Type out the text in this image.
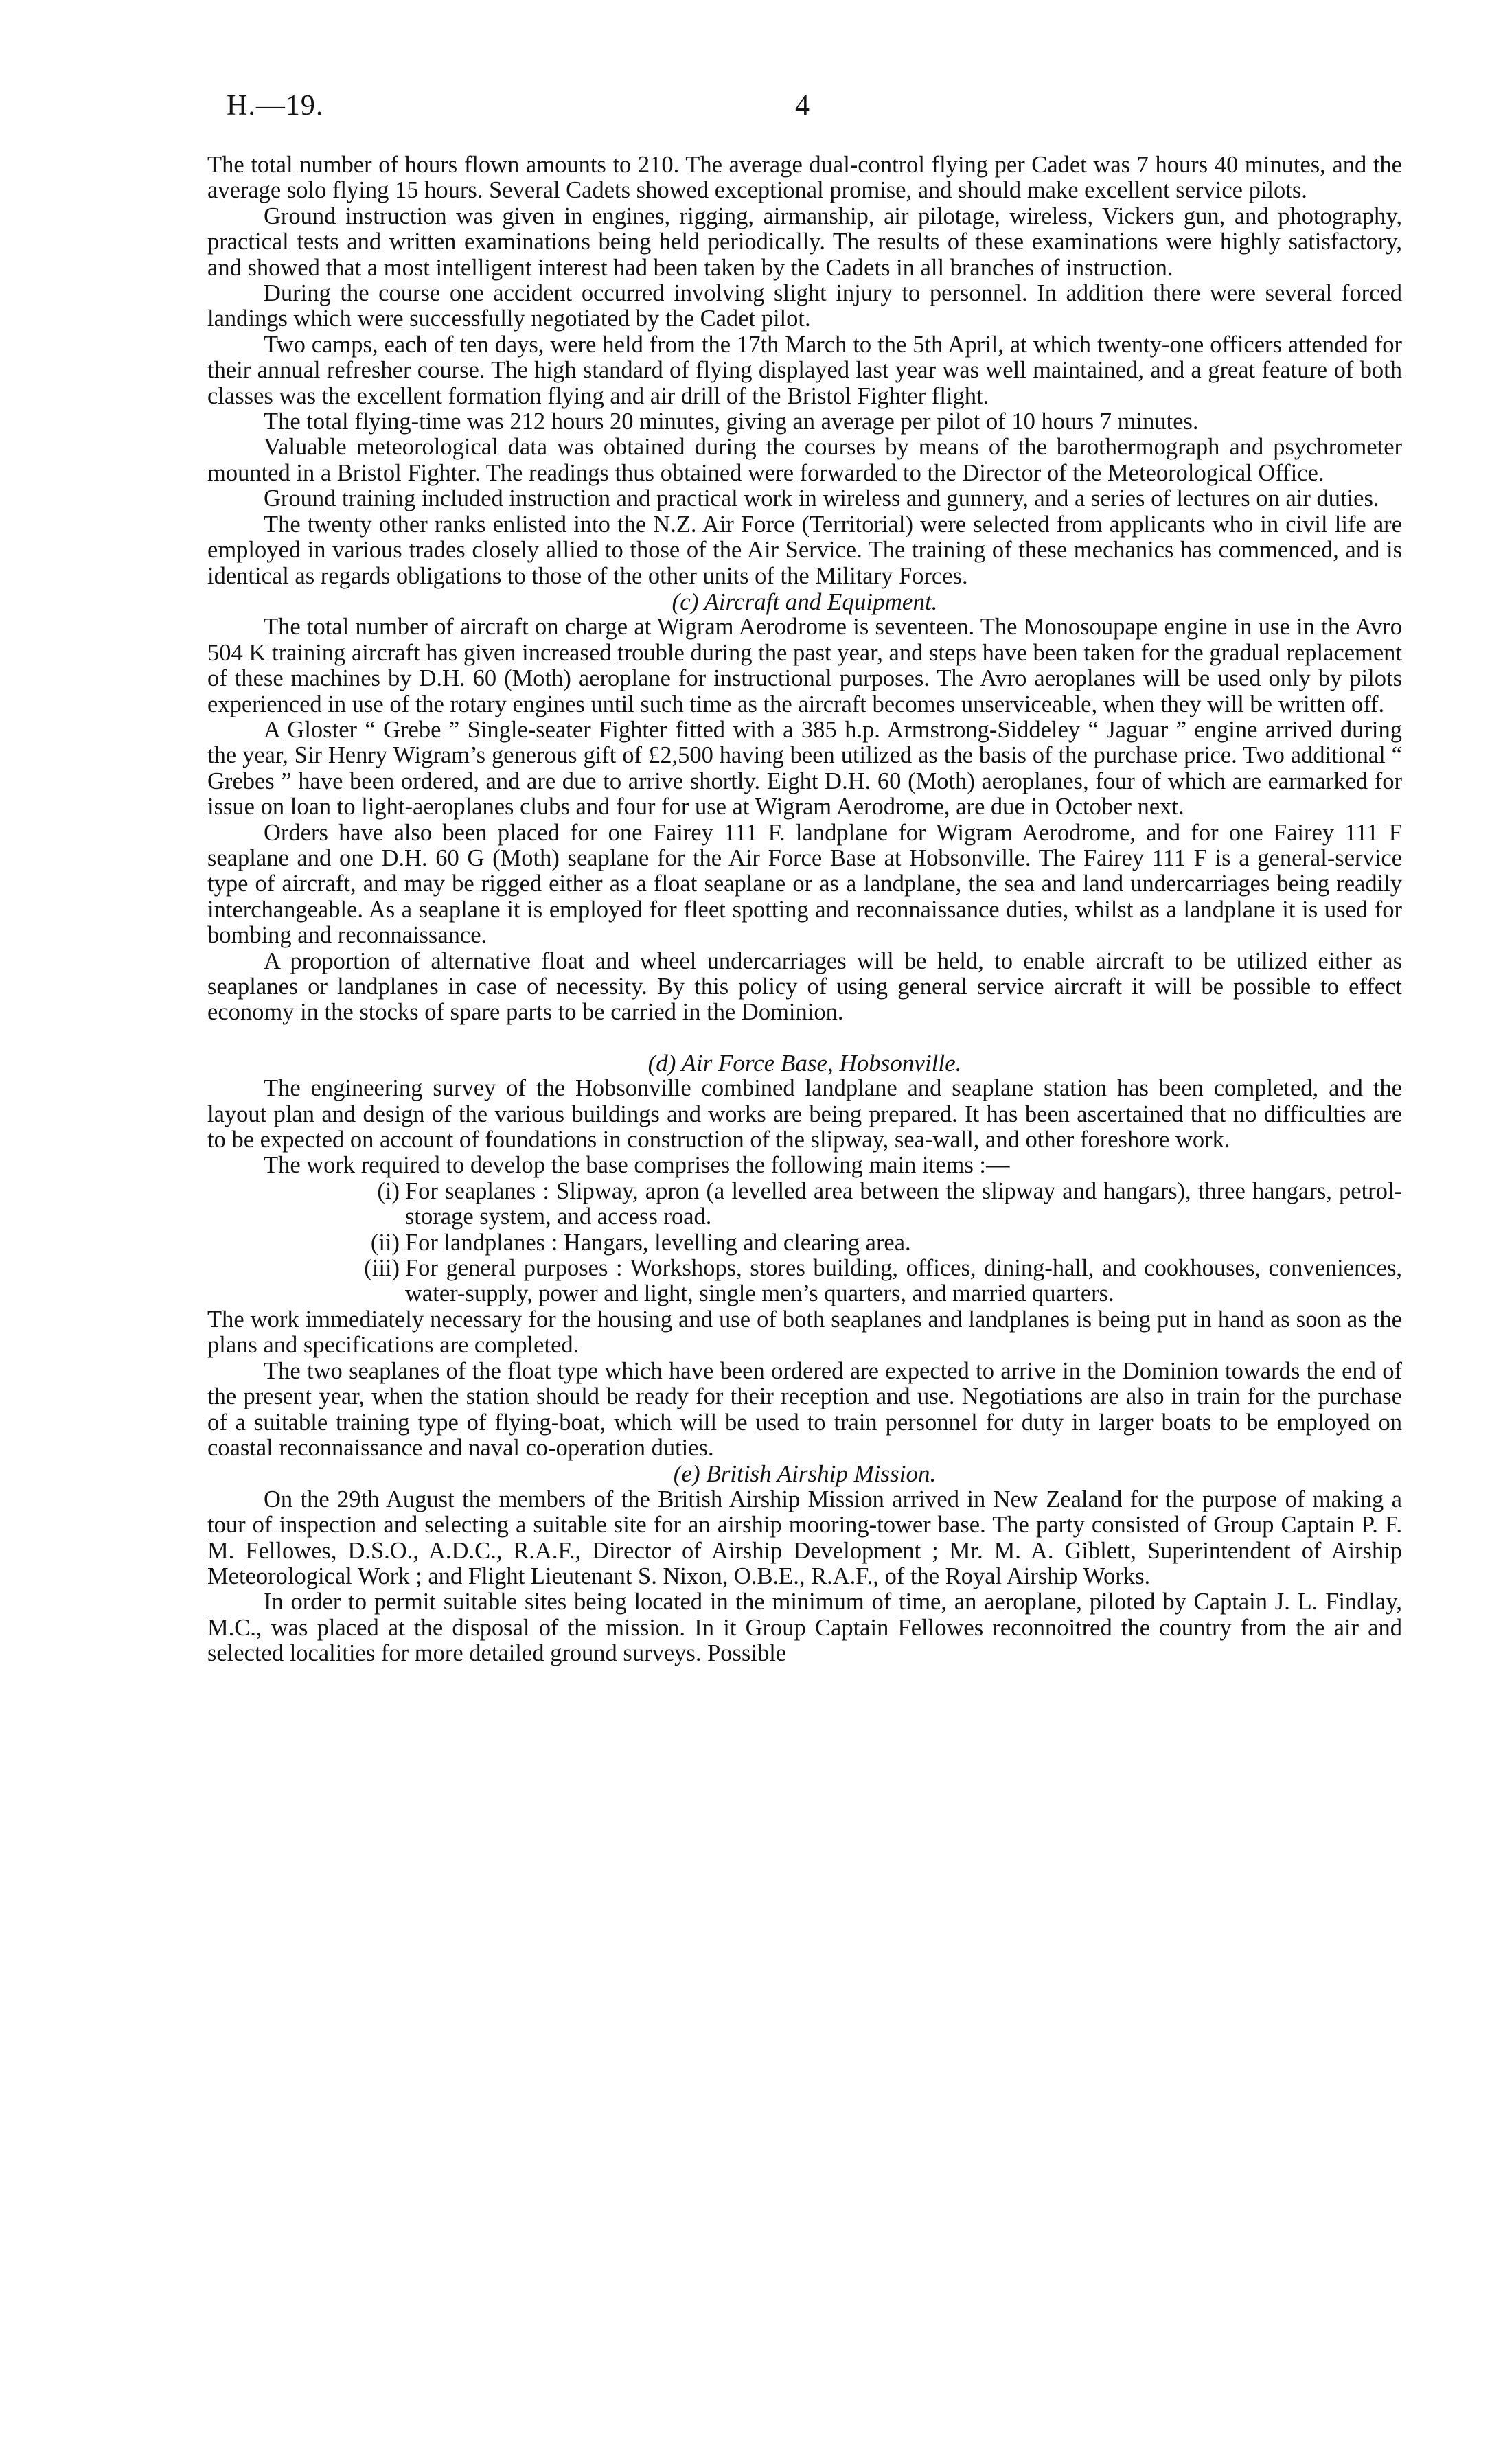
H.—19.	4

The total number of hours flown amounts to 210. The average dual-control flying per Cadet was 7 hours 40 minutes, and the average solo flying 15 hours. Several Cadets showed exceptional promise, and should make excellent service pilots.

Ground instruction was given in engines, rigging, airmanship, air pilotage, wireless, Vickers gun, and photography, practical tests and written examinations being held periodically. The results of these examinations were highly satisfactory, and showed that a most intelligent interest had been taken by the Cadets in all branches of instruction.

During the course one accident occurred involving slight injury to personnel. In addition there were several forced landings which were successfully negotiated by the Cadet pilot.

Two camps, each of ten days, were held from the 17th March to the 5th April, at which twenty-one officers attended for their annual refresher course. The high standard of flying displayed last year was well maintained, and a great feature of both classes was the excellent formation flying and air drill of the Bristol Fighter flight.

The total flying-time was 212 hours 20 minutes, giving an average per pilot of 10 hours 7 minutes.

Valuable meteorological data was obtained during the courses by means of the barothermograph and psychrometer mounted in a Bristol Fighter. The readings thus obtained were forwarded to the Director of the Meteorological Office.

Ground training included instruction and practical work in wireless and gunnery, and a series of lectures on air duties.

The twenty other ranks enlisted into the N.Z. Air Force (Territorial) were selected from applicants who in civil life are employed in various trades closely allied to those of the Air Service. The training of these mechanics has commenced, and is identical as regards obligations to those of the other units of the Military Forces.

(c) Aircraft and Equipment.

The total number of aircraft on charge at Wigram Aerodrome is seventeen. The Monosoupape engine in use in the Avro 504 K training aircraft has given increased trouble during the past year, and steps have been taken for the gradual replacement of these machines by D.H. 60 (Moth) aeroplane for instructional purposes. The Avro aeroplanes will be used only by pilots experienced in use of the rotary engines until such time as the aircraft becomes unserviceable, when they will be written off.

A Gloster “ Grebe ” Single-seater Fighter fitted with a 385 h.p. Armstrong-Siddeley “ Jaguar ” engine arrived during the year, Sir Henry Wigram’s generous gift of £2,500 having been utilized as the basis of the purchase price. Two additional “ Grebes ” have been ordered, and are due to arrive shortly. Eight D.H. 60 (Moth) aeroplanes, four of which are earmarked for issue on loan to light-aeroplanes clubs and four for use at Wigram Aerodrome, are due in October next.

Orders have also been placed for one Fairey 111 F. landplane for Wigram Aerodrome, and for one Fairey 111 F seaplane and one D.H. 60 G (Moth) seaplane for the Air Force Base at Hobsonville. The Fairey 111 F is a general-service type of aircraft, and may be rigged either as a float seaplane or as a landplane, the sea and land undercarriages being readily interchangeable. As a seaplane it is employed for fleet spotting and reconnaissance duties, whilst as a landplane it is used for bombing and reconnaissance.

A proportion of alternative float and wheel undercarriages will be held, to enable aircraft to be utilized either as seaplanes or landplanes in case of necessity. By this policy of using general service aircraft it will be possible to effect economy in the stocks of spare parts to be carried in the Dominion.

(d) Air Force Base, Hobsonville.

The engineering survey of the Hobsonville combined landplane and seaplane station has been completed, and the layout plan and design of the various buildings and works are being prepared. It has been ascertained that no difficulties are to be expected on account of foundations in construction of the slipway, sea-wall, and other foreshore work.

The work required to develop the base comprises the following main items :—

(i) For seaplanes : Slipway, apron (a levelled area between the slipway and hangars), three hangars, petrol-storage system, and access road.
(ii) For landplanes : Hangars, levelling and clearing area.
(iii) For general purposes : Workshops, stores building, offices, dining-hall, and cookhouses, conveniences, water-supply, power and light, single men’s quarters, and married quarters.

The work immediately necessary for the housing and use of both seaplanes and landplanes is being put in hand as soon as the plans and specifications are completed.

The two seaplanes of the float type which have been ordered are expected to arrive in the Dominion towards the end of the present year, when the station should be ready for their reception and use. Negotiations are also in train for the purchase of a suitable training type of flying-boat, which will be used to train personnel for duty in larger boats to be employed on coastal reconnaissance and naval co-operation duties.

(e) British Airship Mission.

On the 29th August the members of the British Airship Mission arrived in New Zealand for the purpose of making a tour of inspection and selecting a suitable site for an airship mooring-tower base. The party consisted of Group Captain P. F. M. Fellowes, D.S.O., A.D.C., R.A.F., Director of Airship Development ; Mr. M. A. Giblett, Superintendent of Airship Meteorological Work ; and Flight Lieutenant S. Nixon, O.B.E., R.A.F., of the Royal Airship Works.

In order to permit suitable sites being located in the minimum of time, an aeroplane, piloted by Captain J. L. Findlay, M.C., was placed at the disposal of the mission. In it Group Captain Fellowes reconnoitred the country from the air and selected localities for more detailed ground surveys. Possible
